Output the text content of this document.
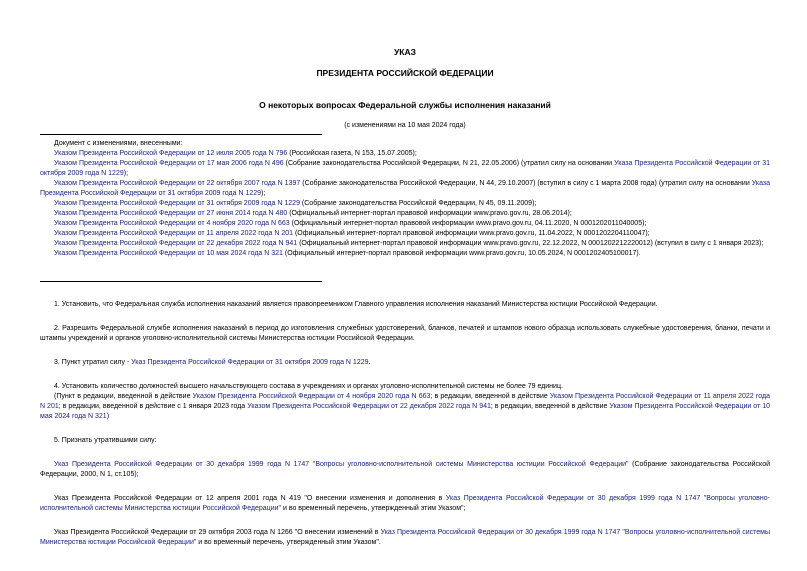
УКАЗ
ПРЕЗИДЕНТА РОССИЙСКОЙ ФЕДЕРАЦИИ
О некоторых вопросах Федеральной службы исполнения наказаний
(с изменениями на 10 мая 2024 года)

Документ с изменениями, внесенными:

Указом Президента Российской Федерации от 12 июля 2005 года N 796 (Российская газета, N 153, 15.07.2005);

Указом Президента Российской Федерации от 17 мая 2006 года N 496 (Собрание законодательства Российской Федерации, N 21, 22.05.2006) (утратил силу на основании Указа Президента Российской Федерации от 31 октября 2009 года N 1229);

Указом Президента Российской Федерации от 22 октября 2007 года N 1397 (Собрание законодательства Российской Федерации, N 44, 29.10.2007) (вступил в силу с 1 марта 2008 года) (утратил силу на основании Указа Президента Российской Федерации от 31 октября 2009 года N 1229);

Указом Президента Российской Федерации от 31 октября 2009 года N 1229 (Собрание законодательства Российской Федерации, N 45, 09.11.2009);

Указом Президента Российской Федерации от 27 июня 2014 года N 480 (Официальный интернет-портал правовой информации www.pravo.gov.ru, 28.06.2014);

Указом Президента Российской Федерации от 4 ноября 2020 года N 663 (Официальный интернет-портал правовой информации www.pravo.gov.ru, 04.11.2020, N 0001202011040005);

Указом Президента Российской Федерации от 11 апреля 2022 года N 201 (Официальный интернет-портал правовой информации www.pravo.gov.ru, 11.04.2022, N 0001202204110047);

Указом Президента Российской Федерации от 22 декабря 2022 года N 941 (Официальный интернет-портал правовой информации www.pravo.gov.ru, 22.12.2022, N 0001202212220012) (вступил в силу с 1 января 2023);

Указом Президента Российской Федерации от 10 мая 2024 года N 321 (Официальный интернет-портал правовой информации www.pravo.gov.ru, 10.05.2024, N 0001202405100017).

1. Установить, что Федеральная служба исполнения наказаний является правопреемником Главного управления исполнения наказаний Министерства юстиции Российской Федерации.

2. Разрешить Федеральной службе исполнения наказаний в период до изготовления служебных удостоверений, бланков, печатей и штампов нового образца использовать служебные удостоверения, бланки, печати и штампы учреждений и органов уголовно-исполнительной системы Министерства юстиции Российской Федерации.

3. Пункт утратил силу - Указ Президента Российской Федерации от 31 октября 2009 года N 1229.

4. Установить количество должностей высшего начальствующего состава в учреждениях и органах уголовно-исполнительной системы не более 79 единиц.

(Пункт в редакции, введенной в действие Указом Президента Российской Федерации от 4 ноября 2020 года N 663; в редакции, введенной в действие Указом Президента Российской Федерации от 11 апреля 2022 года N 201; в редакции, введенной в действие с 1 января 2023 года Указом Президента Российской Федерации от 22 декабря 2022 года N 941; в редакции, введенной в действие Указом Президента Российской Федерации от 10 мая 2024 года N 321)

5. Признать утратившими силу:

Указ Президента Российской Федерации от 30 декабря 1999 года N 1747 "Вопросы уголовно-исполнительной системы Министерства юстиции Российской Федерации" (Собрание законодательства Российской Федерации, 2000, N 1, ст.105);

Указ Президента Российской Федерации от 12 апреля 2001 года N 419 "О внесении изменения и дополнения в Указ Президента Российской Федерации от 30 декабря 1999 года N 1747 "Вопросы уголовно-исполнительной системы Министерства юстиции Российской Федерации" и во временный перечень, утвержденный этим Указом";

Указ Президента Российской Федерации от 29 октября 2003 года N 1266 "О внесении изменений в Указ Президента Российской Федерации от 30 декабря 1999 года N 1747 "Вопросы уголовно-исполнительной системы Министерства юстиции Российской Федерации" и во временный перечень, утвержденный этим Указом".
